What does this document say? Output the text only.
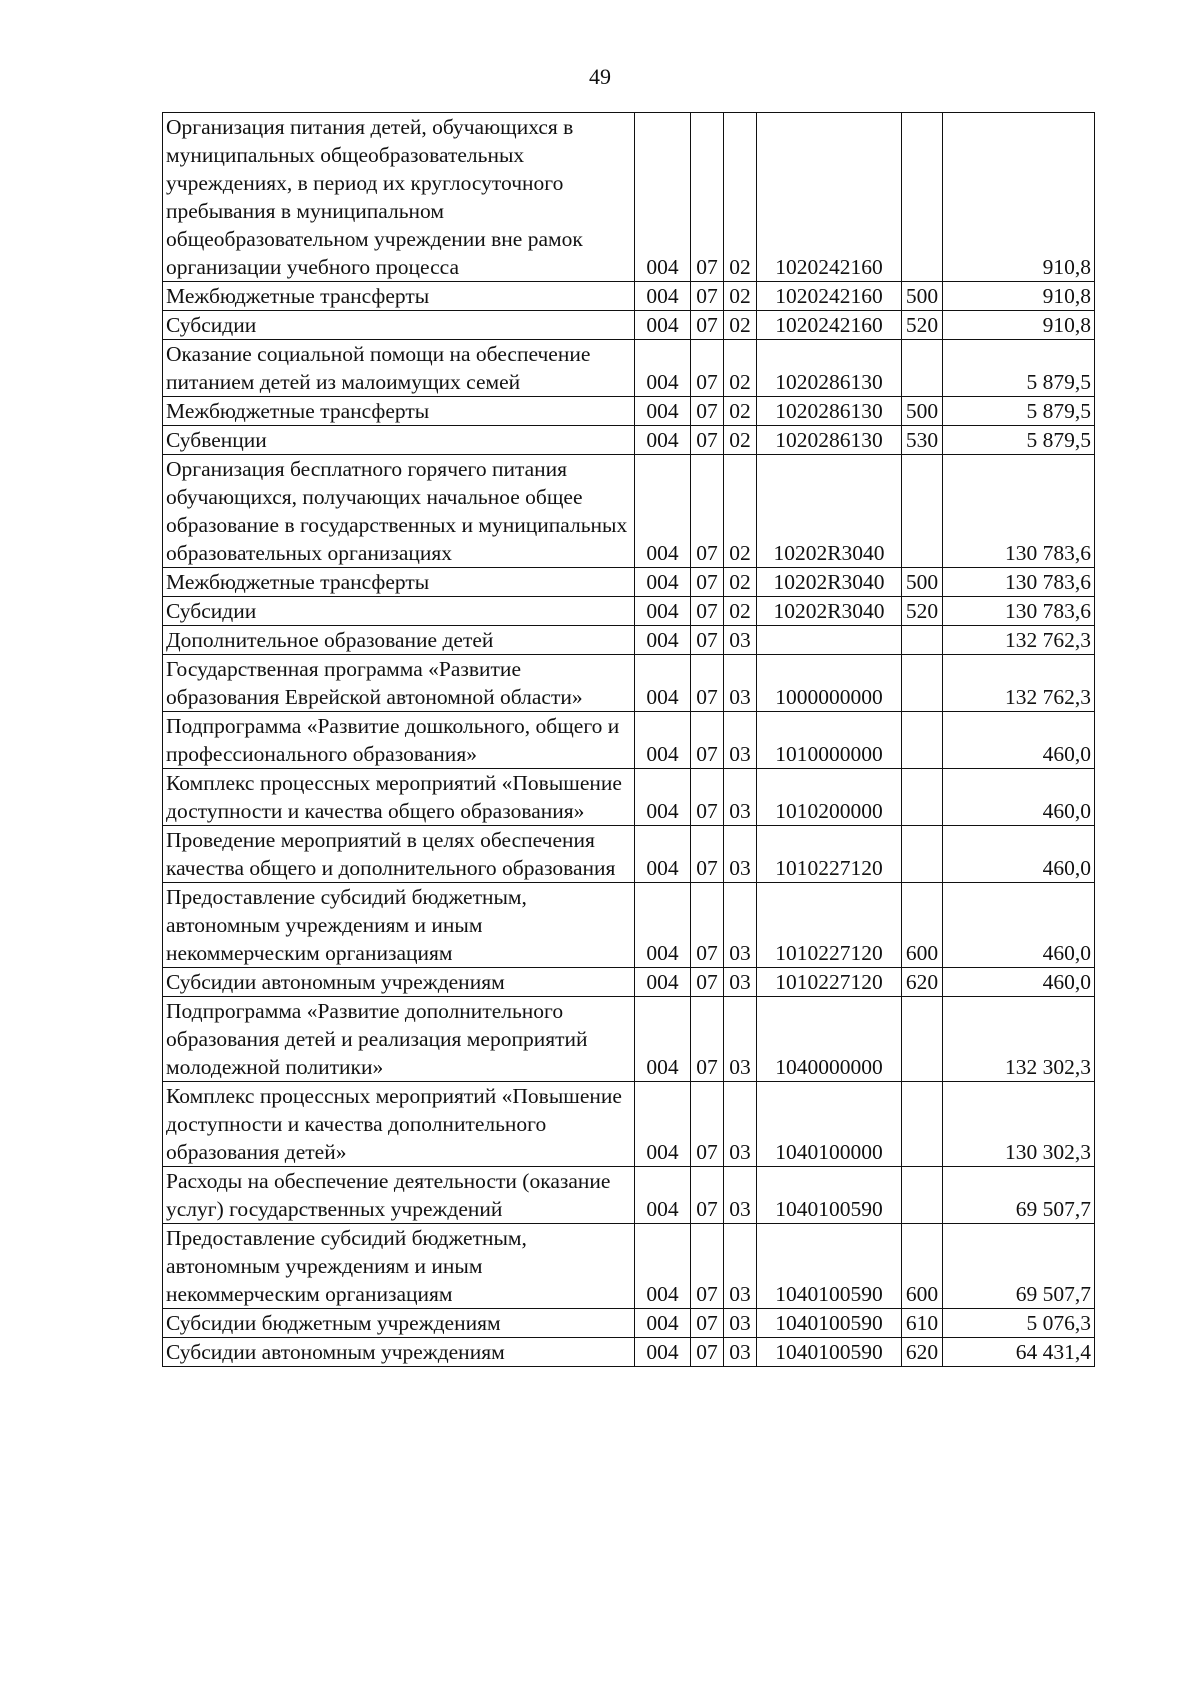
49
Организация питания детей, обучающихся в муниципальных общеобразовательных учреждениях, в период их круглосуточного пребывания в муниципальном общеобразовательном учреждении вне рамок организации учебного процесса	004	07	02	1020242160		910,8
Межбюджетные трансферты	004	07	02	1020242160	500	910,8
Субсидии	004	07	02	1020242160	520	910,8
Оказание социальной помощи на обеспечение питанием детей из малоимущих семей	004	07	02	1020286130		5 879,5
Межбюджетные трансферты	004	07	02	1020286130	500	5 879,5
Субвенции	004	07	02	1020286130	530	5 879,5
Организация бесплатного горячего питания обучающихся, получающих начальное общее образование в государственных и муниципальных образовательных организациях	004	07	02	10202R3040		130 783,6
Межбюджетные трансферты	004	07	02	10202R3040	500	130 783,6
Субсидии	004	07	02	10202R3040	520	130 783,6
Дополнительное образование детей	004	07	03			132 762,3
Государственная программа «Развитие образования Еврейской автономной области»	004	07	03	1000000000		132 762,3
Подпрограмма «Развитие дошкольного, общего и профессионального образования»	004	07	03	1010000000		460,0
Комплекс процессных мероприятий «Повышение доступности и качества общего образования»	004	07	03	1010200000		460,0
Проведение мероприятий в целях обеспечения качества общего и дополнительного образования	004	07	03	1010227120		460,0
Предоставление субсидий бюджетным, автономным учреждениям и иным некоммерческим организациям	004	07	03	1010227120	600	460,0
Субсидии автономным учреждениям	004	07	03	1010227120	620	460,0
Подпрограмма «Развитие дополнительного образования детей и реализация мероприятий молодежной политики»	004	07	03	1040000000		132 302,3
Комплекс процессных мероприятий «Повышение доступности и качества дополнительного образования детей»	004	07	03	1040100000		130 302,3
Расходы на обеспечение деятельности (оказание услуг) государственных учреждений	004	07	03	1040100590		69 507,7
Предоставление субсидий бюджетным, автономным учреждениям и иным некоммерческим организациям	004	07	03	1040100590	600	69 507,7
Субсидии бюджетным учреждениям	004	07	03	1040100590	610	5 076,3
Субсидии автономным учреждениям	004	07	03	1040100590	620	64 431,4
